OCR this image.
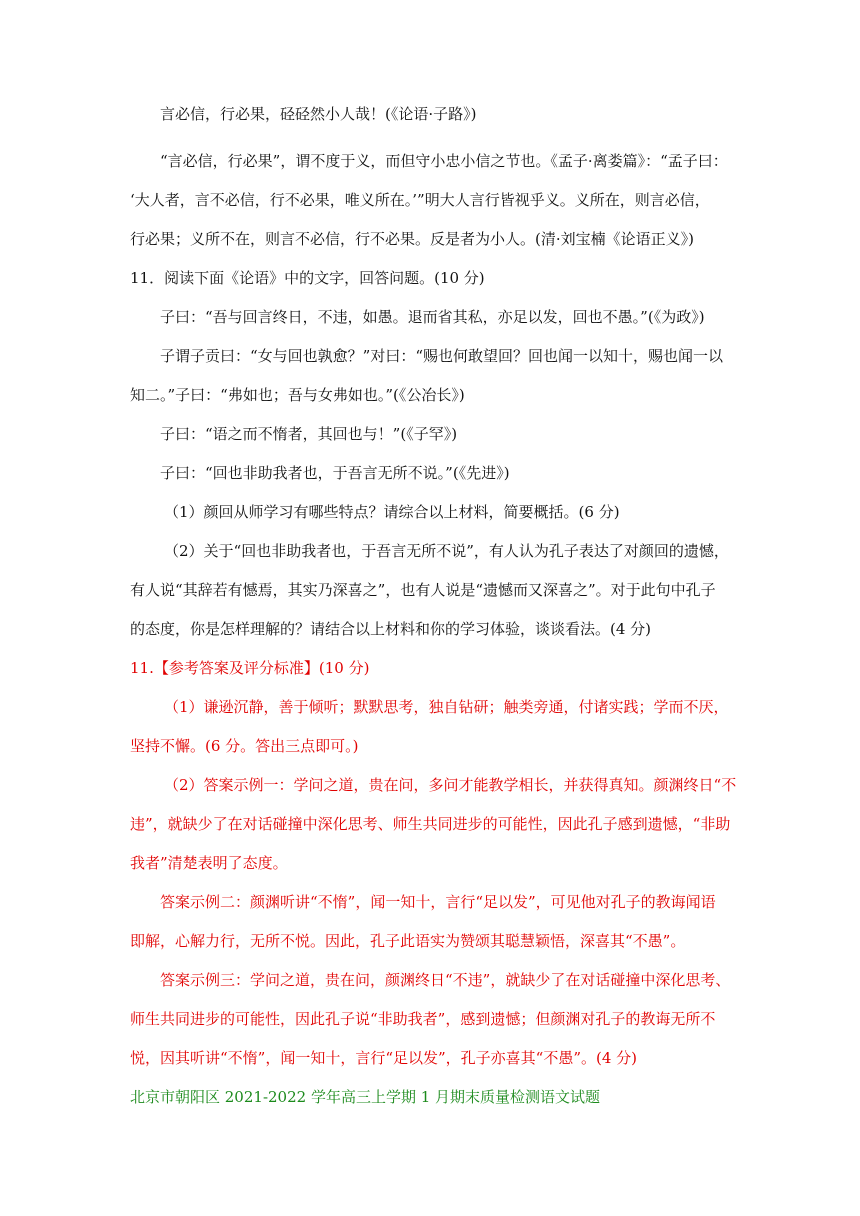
言必信，行必果，硁硁然小人哉！(《论语·子路》)
“言必信，行必果”，谓不度于义，而但守小忠小信之节也。《孟子·离娄篇》：“孟子曰：
‘大人者，言不必信，行不必果，唯义所在。’”明大人言行皆视乎义。义所在，则言必信，
行必果；义所不在，则言不必信，行不必果。反是者为小人。(清·刘宝楠《论语正义》)
11．阅读下面《论语》中的文字，回答问题。(10 分)
子曰：“吾与回言终日，不违，如愚。退而省其私，亦足以发，回也不愚。”(《为政》)
子谓子贡曰：“女与回也孰愈？”对曰：“赐也何敢望回？回也闻一以知十，赐也闻一以
知二。”子曰：“弗如也；吾与女弗如也。”(《公冶长》)
子曰：“语之而不惰者，其回也与！”(《子罕》)
子曰：“回也非助我者也，于吾言无所不说。”(《先进》)
（1）颜回从师学习有哪些特点？请综合以上材料，简要概括。(6 分)
（2）关于“回也非助我者也，于吾言无所不说”，有人认为孔子表达了对颜回的遗憾，
有人说“其辞若有憾焉，其实乃深喜之”，也有人说是“遗憾而又深喜之”。对于此句中孔子
的态度，你是怎样理解的？请结合以上材料和你的学习体验，谈谈看法。(4 分)
11.【参考答案及评分标准】(10 分)
（1）谦逊沉静，善于倾听；默默思考，独自钻研；触类旁通，付诸实践；学而不厌，
坚持不懈。(6 分。答出三点即可。)
（2）答案示例一：学问之道，贵在问，多问才能教学相长，并获得真知。颜渊终日“不
违”，就缺少了在对话碰撞中深化思考、师生共同进步的可能性，因此孔子感到遗憾，“非助
我者”清楚表明了态度。
答案示例二：颜渊听讲“不惰”，闻一知十，言行“足以发”，可见他对孔子的教诲闻语
即解，心解力行，无所不悦。因此，孔子此语实为赞颂其聪慧颖悟，深喜其“不愚”。
答案示例三：学问之道，贵在问，颜渊终日“不违”，就缺少了在对话碰撞中深化思考、
师生共同进步的可能性，因此孔子说“非助我者”，感到遗憾；但颜渊对孔子的教诲无所不
悦，因其听讲“不惰”，闻一知十，言行“足以发”，孔子亦喜其“不愚”。(4 分)
北京市朝阳区 2021-2022 学年高三上学期 1 月期末质量检测语文试题
